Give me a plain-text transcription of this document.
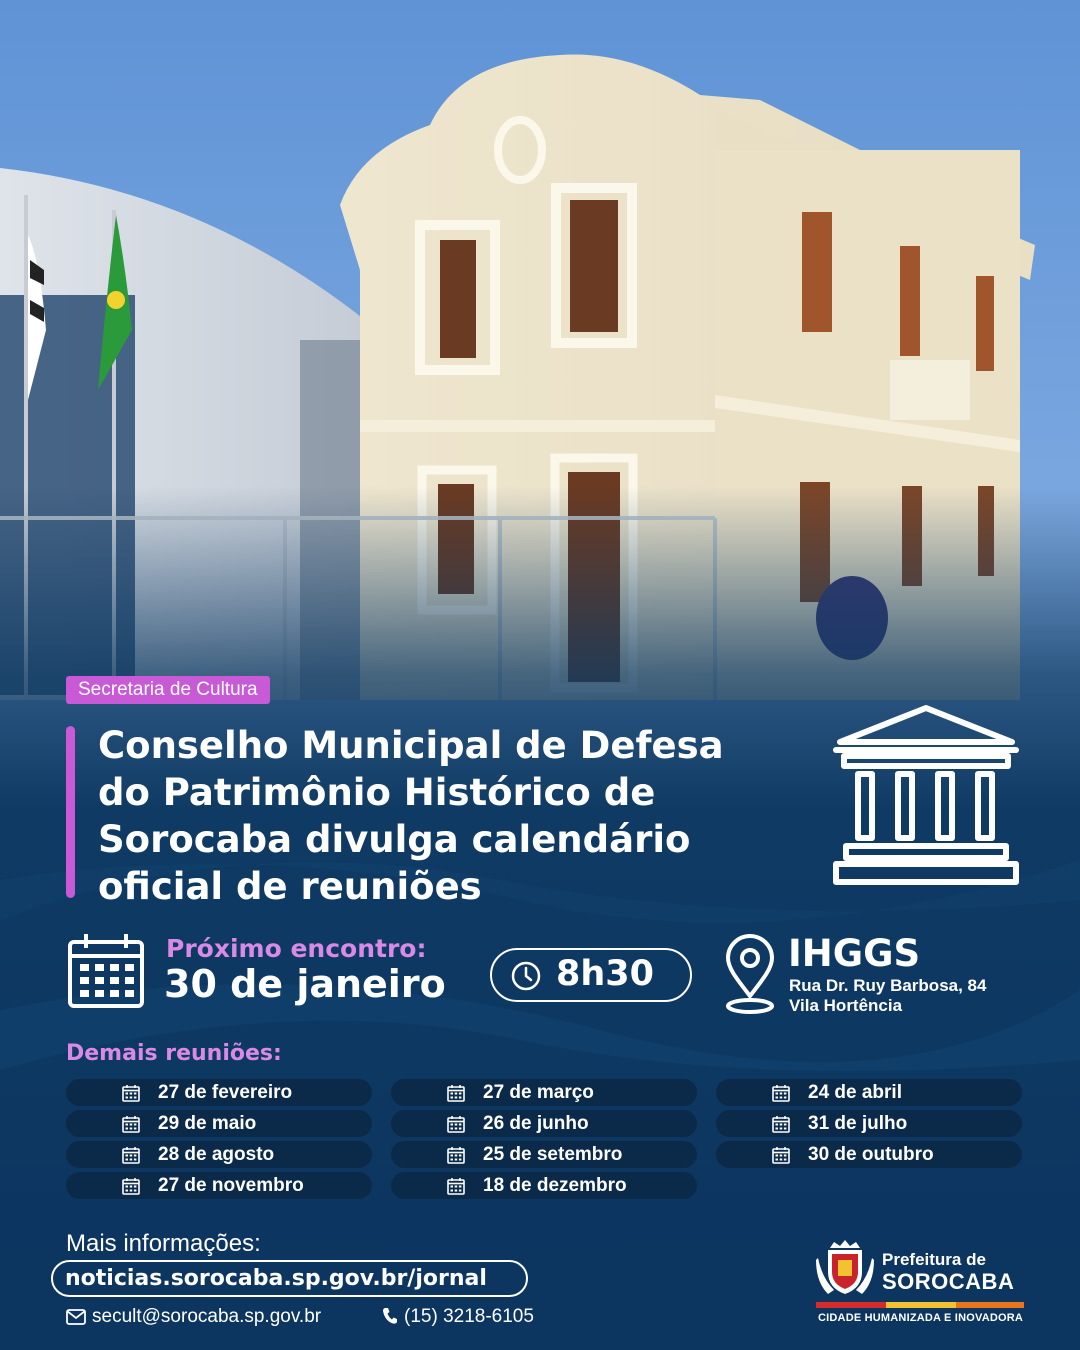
Secretaria de Cultura
Conselho Municipal de Defesa
do Patrimônio Histórico de
Sorocaba divulga calendário
oficial de reuniões
Próximo encontro:
30 de janeiro	8h30	IHGGS
Rua Dr. Ruy Barbosa, 84
Vila Hortência
Demais reuniões:
27 de fevereiro	27 de março	24 de abril
29 de maio	26 de junho	31 de julho
28 de agosto	25 de setembro	30 de outubro
27 de novembro	18 de dezembro
Mais informações:
noticias.sorocaba.sp.gov.br/jornal
secult@sorocaba.sp.gov.br	(15) 3218-6105
Prefeitura de
SOROCABA
CIDADE HUMANIZADA E INOVADORA
